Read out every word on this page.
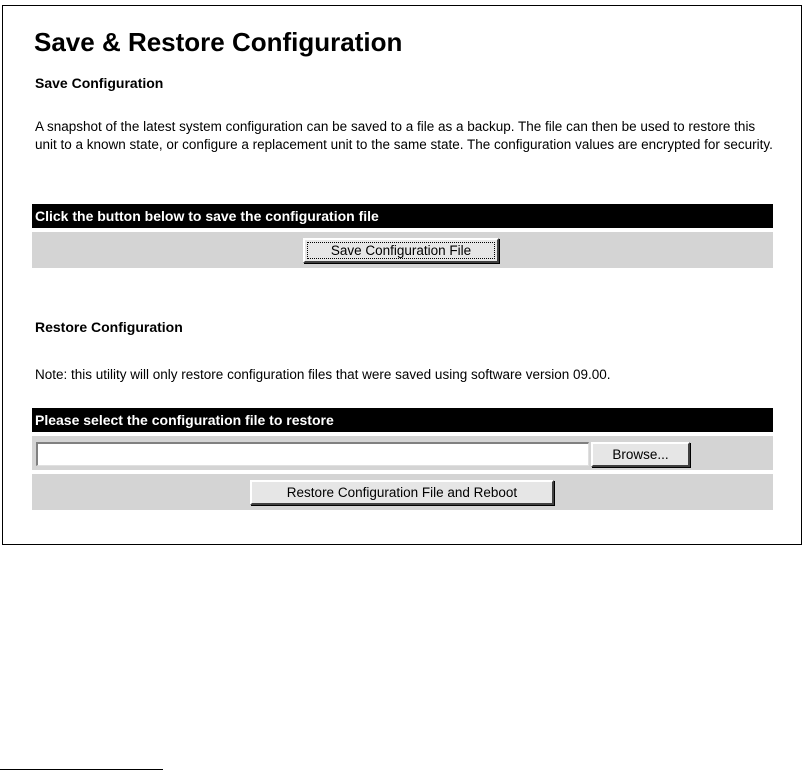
Save & Restore Configuration
Save Configuration

A snapshot of the latest system configuration can be saved to a file as a backup. The file can then be used to restore this unit to a known state, or configure a replacement unit to the same state. The configuration values are encrypted for security.

Click the button below to save the configuration file
Save Configuration File
Restore Configuration

Note: this utility will only restore configuration files that were saved using software version 09.00.

Please select the configuration file to restore
Browse...
Restore Configuration File and Reboot
